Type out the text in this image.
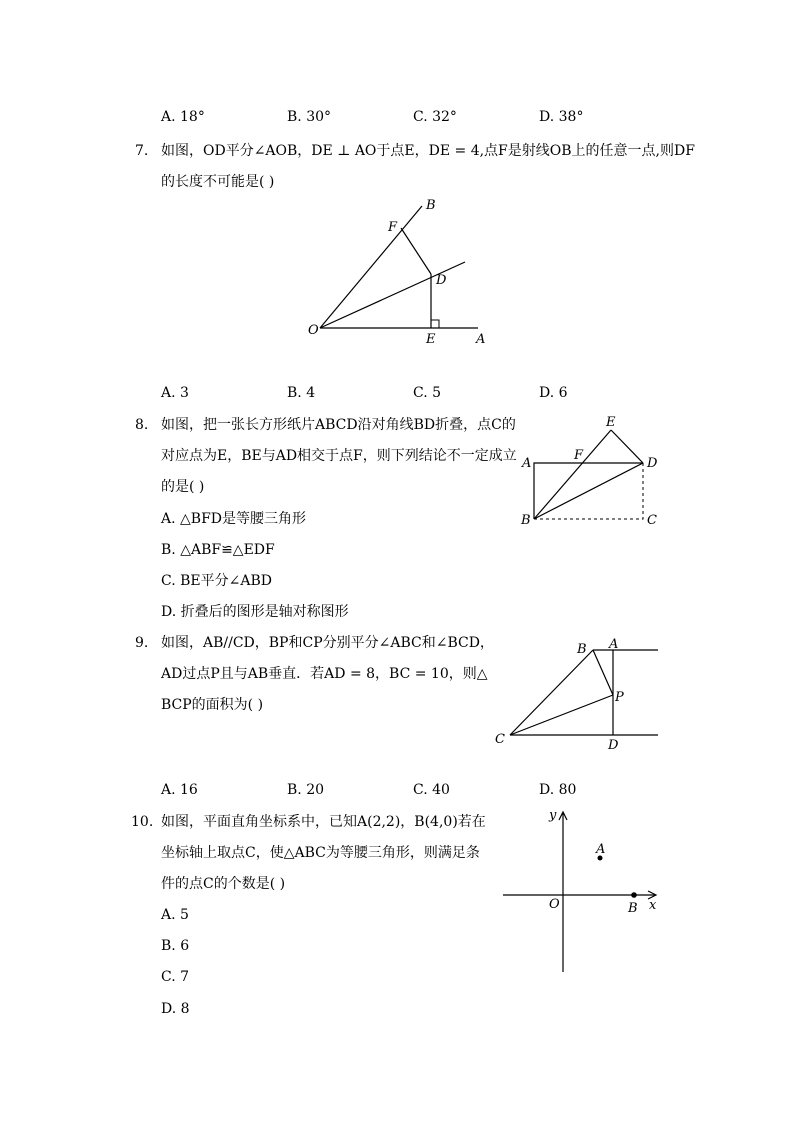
A. 18°	B. 30°	C. 32°	D. 38°
7. 如图，OD平分∠AOB，DE ⊥ AO于点E，DE = 4,点F是射线OB上的任意一点,则DF
的长度不可能是( )
B
F
D
O
E	A
A. 3	B. 4	C. 5	D. 6
8. 如图，把一张长方形纸片ABCD沿对角线BD折叠，点C的
对应点为E，BE与AD相交于点F，则下列结论不一定成立
的是( )
E
A
F
D
B	C
A. △BFD是等腰三角形
B. △ABF≌△EDF
C. BE平分∠ABD
D. 折叠后的图形是轴对称图形
9. 如图，AB//CD，BP和CP分别平分∠ABC和∠BCD，
AD过点P且与AB垂直．若AD = 8，BC = 10，则△
BCP的面积为( )
B A
P
C	D
A. 16	B. 20	C. 40	D. 80
10. 如图，平面直角坐标系中，已知A(2,2)，B(4,0)若在
坐标轴上取点C，使△ABC为等腰三角形，则满足条
件的点C的个数是( )
y
A
O	B x
A. 5
B. 6
C. 7
D. 8
